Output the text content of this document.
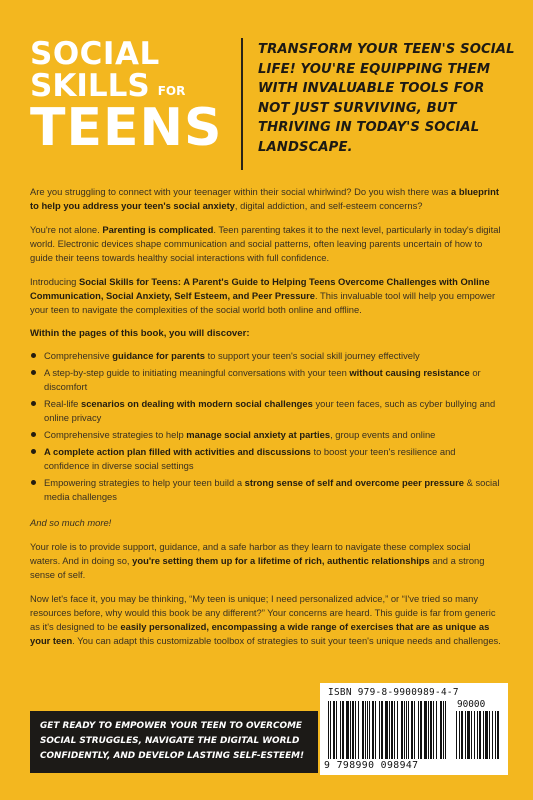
SOCIAL
SKILLS FOR
TEENS
TRANSFORM YOUR TEEN'S SOCIAL LIFE! YOU'RE EQUIPPING THEM WITH INVALUABLE TOOLS FOR NOT JUST SURVIVING, BUT THRIVING IN TODAY'S SOCIAL LANDSCAPE.

Are you struggling to connect with your teenager within their social whirlwind? Do you wish there was a blueprint to help you address your teen's social anxiety, digital addiction, and self-esteem concerns?

You're not alone. Parenting is complicated. Teen parenting takes it to the next level, particularly in today's digital world. Electronic devices shape communication and social patterns, often leaving parents uncertain of how to guide their teens towards healthy social interactions with full confidence.

Introducing Social Skills for Teens: A Parent's Guide to Helping Teens Overcome Challenges with Online Communication, Social Anxiety, Self Esteem, and Peer Pressure. This invaluable tool will help you empower your teen to navigate the complexities of the social world both online and offline.

Within the pages of this book, you will discover:
Comprehensive guidance for parents to support your teen's social skill journey effectively
A step-by-step guide to initiating meaningful conversations with your teen without causing resistance or discomfort
Real-life scenarios on dealing with modern social challenges your teen faces, such as cyber bullying and online privacy
Comprehensive strategies to help manage social anxiety at parties, group events and online
A complete action plan filled with activities and discussions to boost your teen's resilience and confidence in diverse social settings
Empowering strategies to help your teen build a strong sense of self and overcome peer pressure & social media challenges

And so much more!

Your role is to provide support, guidance, and a safe harbor as they learn to navigate these complex social waters. And in doing so, you're setting them up for a lifetime of rich, authentic relationships and a strong sense of self.

Now let's face it, you may be thinking, “My teen is unique; I need personalized advice,” or “I've tried so many resources before, why would this book be any different?” Your concerns are heard. This guide is far from generic as it's designed to be easily personalized, encompassing a wide range of exercises that are as unique as your teen. You can adapt this customizable toolbox of strategies to suit your teen's unique needs and challenges.

GET READY TO EMPOWER YOUR TEEN TO OVERCOME SOCIAL STRUGGLES, NAVIGATE THE DIGITAL WORLD CONFIDENTLY, AND DEVELOP LASTING SELF-ESTEEM!
ISBN 979-8-9900989-4-7
90000
9 798990 098947
